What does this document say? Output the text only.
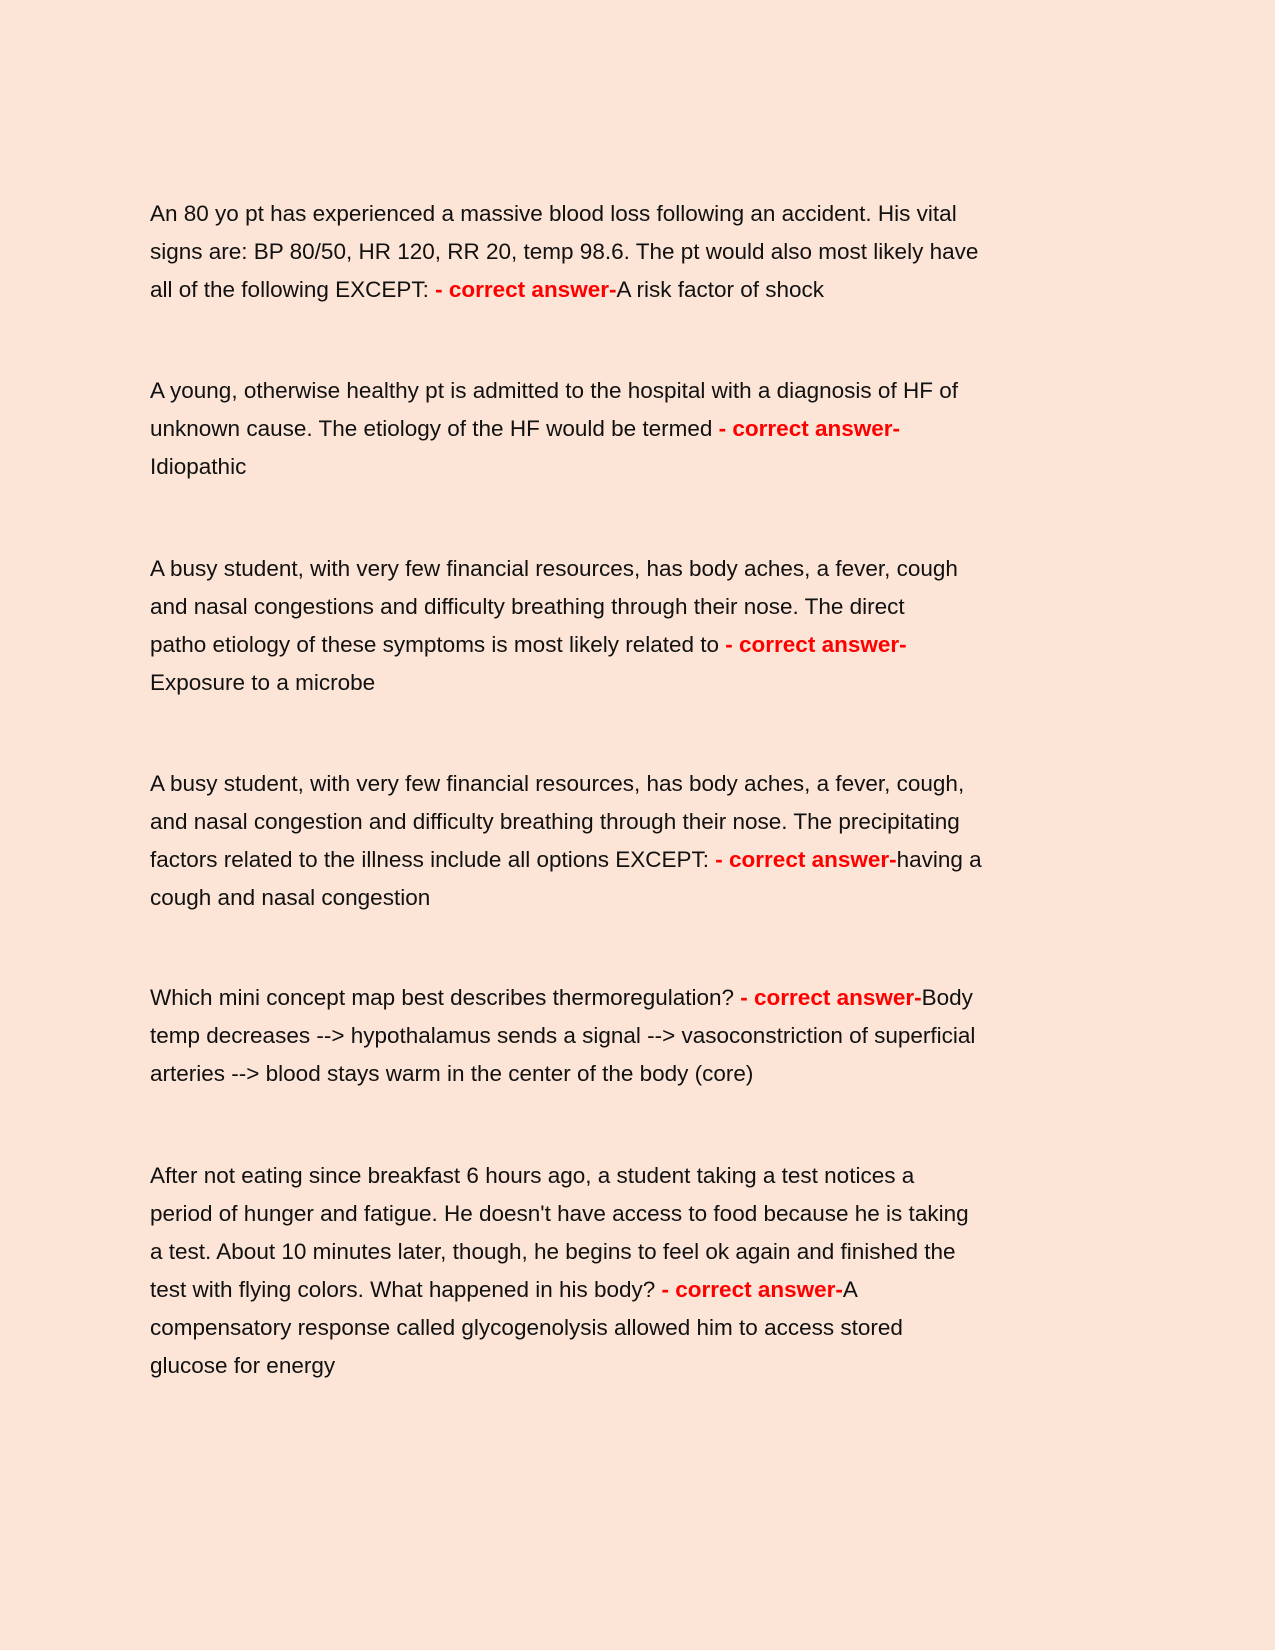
An 80 yo pt has experienced a massive blood loss following an accident. His vital
signs are: BP 80/50, HR 120, RR 20, temp 98.6. The pt would also most likely have
all of the following EXCEPT: - correct answer-A risk factor of shock
A young, otherwise healthy pt is admitted to the hospital with a diagnosis of HF of
unknown cause. The etiology of the HF would be termed - correct answer-
Idiopathic
A busy student, with very few financial resources, has body aches, a fever, cough
and nasal congestions and difficulty breathing through their nose. The direct
patho etiology of these symptoms is most likely related to - correct answer-
Exposure to a microbe
A busy student, with very few financial resources, has body aches, a fever, cough,
and nasal congestion and difficulty breathing through their nose. The precipitating
factors related to the illness include all options EXCEPT: - correct answer-having a
cough and nasal congestion
Which mini concept map best describes thermoregulation? - correct answer-Body
temp decreases --> hypothalamus sends a signal --> vasoconstriction of superficial
arteries --> blood stays warm in the center of the body (core)
After not eating since breakfast 6 hours ago, a student taking a test notices a
period of hunger and fatigue. He doesn't have access to food because he is taking
a test. About 10 minutes later, though, he begins to feel ok again and finished the
test with flying colors. What happened in his body? - correct answer-A
compensatory response called glycogenolysis allowed him to access stored
glucose for energy
